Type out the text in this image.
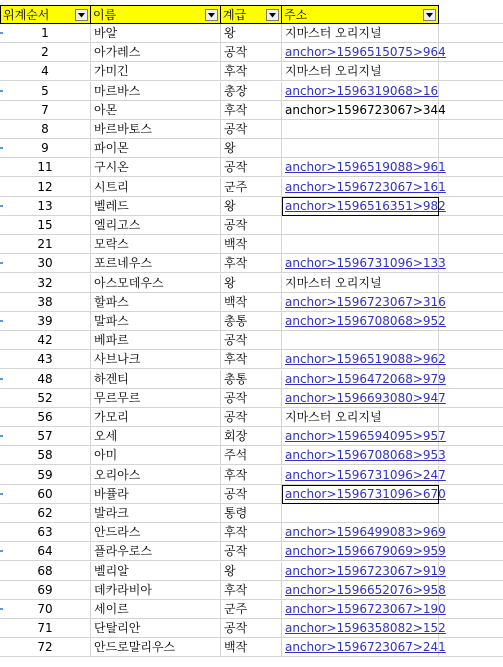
위계순서	이름	계급	주소
1	바알	왕	지마스터 오리지널
2	아가레스	공작	anchor>1596515075>964
4	가미긴	후작	지마스터 오리지널
5	마르바스	총장	anchor>1596319068>16
7	아몬	후작	anchor>1596723067>344
8	바르바토스	공작
9	파이몬	왕
11	구시온	공작	anchor>1596519088>961
12	시트리	군주	anchor>1596723067>161
13	벨레드	왕	anchor>1596516351>982
15	엘리고스	공작
21	모락스	백작
30	포르네우스	후작	anchor>1596731096>133
32	아스모데우스	왕	지마스터 오리지널
38	할파스	백작	anchor>1596723067>316
39	말파스	총통	anchor>1596708068>952
42	베파르	공작
43	사브나크	후작	anchor>1596519088>962
48	하겐티	총통	anchor>1596472068>979
52	무르무르	공작	anchor>1596693080>947
56	가모리	공작	지마스터 오리지널
57	오세	회장	anchor>1596594095>957
58	아미	주석	anchor>1596708068>953
59	오리아스	후작	anchor>1596731096>247
60	바퓰라	공작	anchor>1596731096>670
62	발라크	통령
63	안드라스	후작	anchor>1596499083>969
64	플라우로스	공작	anchor>1596679069>959
68	벨리알	왕	anchor>1596723067>919
69	데카라비아	후작	anchor>1596652076>958
70	세이르	군주	anchor>1596723067>190
71	단탈리안	공작	anchor>1596358082>152
72	안드로말리우스	백작	anchor>1596723067>241
